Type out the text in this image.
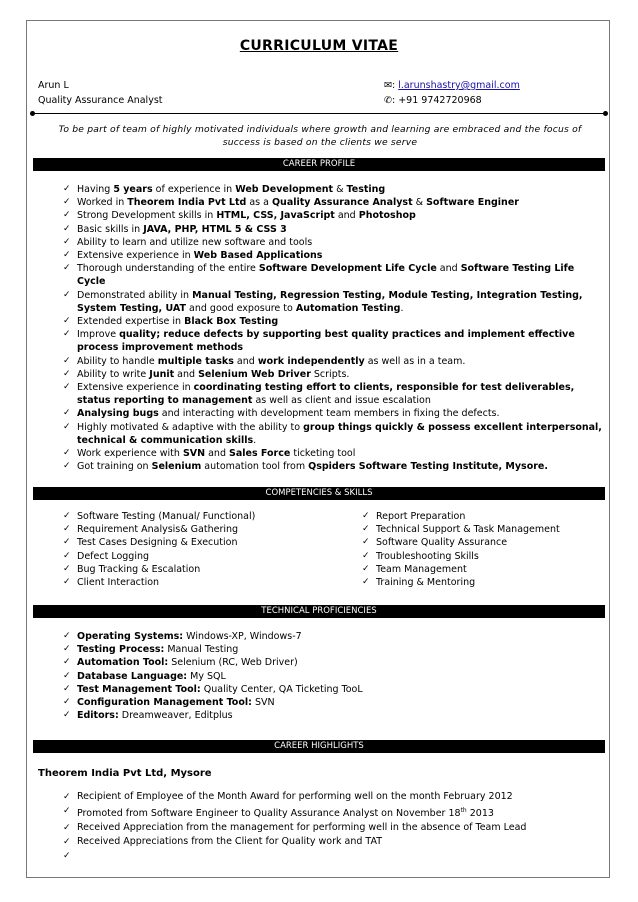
CURRICULUM VITAE
Arun L
Quality Assurance Analyst
✉: l.arunshastry@gmail.com
✆: +91 9742720968
To be part of team of highly motivated individuals where growth and learning are embraced and the focus of success is based on the clients we serve
CAREER PROFILE
✓ Having 5 years of experience in Web Development & Testing
✓ Worked in Theorem India Pvt Ltd as a Quality Assurance Analyst & Software Enginer
✓ Strong Development skills in HTML, CSS, JavaScript and Photoshop
✓ Basic skills in JAVA, PHP, HTML 5 & CSS 3
✓ Ability to learn and utilize new software and tools
✓ Extensive experience in Web Based Applications
✓ Thorough understanding of the entire Software Development Life Cycle and Software Testing Life Cycle
✓ Demonstrated ability in Manual Testing, Regression Testing, Module Testing, Integration Testing, System Testing, UAT and good exposure to Automation Testing.
✓ Extended expertise in Black Box Testing
✓ Improve quality; reduce defects by supporting best quality practices and implement effective process improvement methods
✓ Ability to handle multiple tasks and work independently as well as in a team.
✓ Ability to write Junit and Selenium Web Driver Scripts.
✓ Extensive experience in coordinating testing effort to clients, responsible for test deliverables, status reporting to management as well as client and issue escalation
✓ Analysing bugs and interacting with development team members in fixing the defects.
✓ Highly motivated & adaptive with the ability to group things quickly & possess excellent interpersonal, technical & communication skills.
✓ Work experience with SVN and Sales Force ticketing tool
✓ Got training on Selenium automation tool from Qspiders Software Testing Institute, Mysore.
COMPETENCIES & SKILLS
✓ Software Testing (Manual/ Functional)
✓ Requirement Analysis& Gathering
✓ Test Cases Designing & Execution
✓ Defect Logging
✓ Bug Tracking & Escalation
✓ Client Interaction
✓ Report Preparation
✓ Technical Support & Task Management
✓ Software Quality Assurance
✓ Troubleshooting Skills
✓ Team Management
✓ Training & Mentoring
TECHNICAL PROFICIENCIES
✓ Operating Systems: Windows-XP, Windows-7
✓ Testing Process: Manual Testing
✓ Automation Tool: Selenium (RC, Web Driver)
✓ Database Language: My SQL
✓ Test Management Tool: Quality Center, QA Ticketing TooL
✓ Configuration Management Tool: SVN
✓ Editors: Dreamweaver, Editplus
CAREER HIGHLIGHTS
Theorem India Pvt Ltd, Mysore
✓ Recipient of Employee of the Month Award for performing well on the month February 2012
✓ Promoted from Software Engineer to Quality Assurance Analyst on November 18th 2013
✓ Received Appreciation from the management for performing well in the absence of Team Lead
✓ Received Appreciations from the Client for Quality work and TAT
✓
